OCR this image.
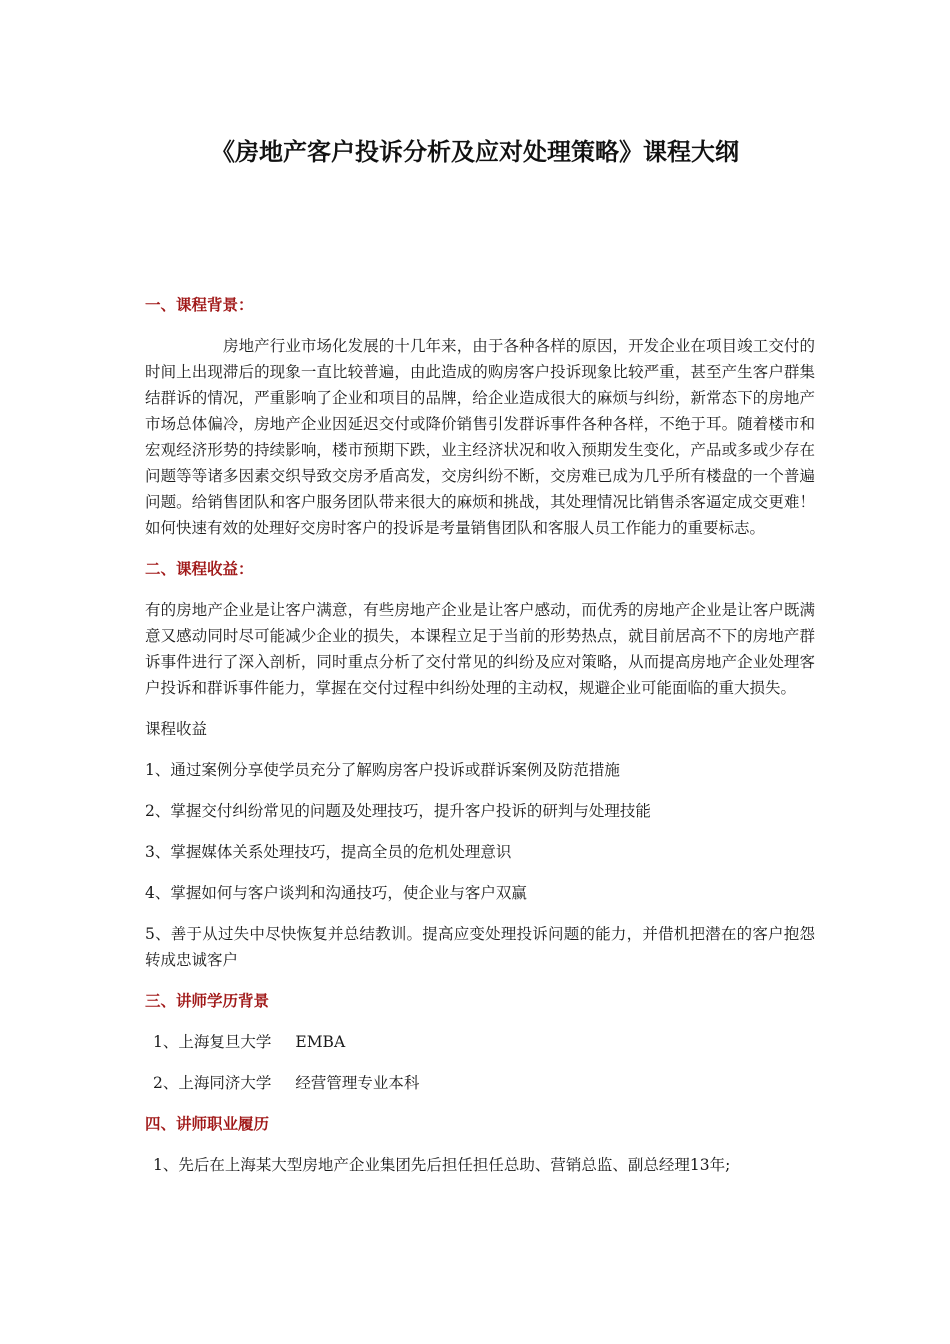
《房地产客户投诉分析及应对处理策略》课程大纲
一、课程背景：

房地产行业市场化发展的十几年来，由于各种各样的原因，开发企业在项目竣工交付的时间上出现滞后的现象一直比较普遍，由此造成的购房客户投诉现象比较严重，甚至产生客户群集结群诉的情况，严重影响了企业和项目的品牌，给企业造成很大的麻烦与纠纷，新常态下的房地产市场总体偏冷，房地产企业因延迟交付或降价销售引发群诉事件各种各样，不绝于耳。随着楼市和宏观经济形势的持续影响，楼市预期下跌，业主经济状况和收入预期发生变化，产品或多或少存在问题等等诸多因素交织导致交房矛盾高发，交房纠纷不断，交房难已成为几乎所有楼盘的一个普遍问题。给销售团队和客户服务团队带来很大的麻烦和挑战，其处理情况比销售杀客逼定成交更难！如何快速有效的处理好交房时客户的投诉是考量销售团队和客服人员工作能力的重要标志。

二、课程收益：

有的房地产企业是让客户满意，有些房地产企业是让客户感动，而优秀的房地产企业是让客户既满意又感动同时尽可能减少企业的损失，本课程立足于当前的形势热点，就目前居高不下的房地产群诉事件进行了深入剖析，同时重点分析了交付常见的纠纷及应对策略，从而提高房地产企业处理客户投诉和群诉事件能力，掌握在交付过程中纠纷处理的主动权，规避企业可能面临的重大损失。

课程收益
1、通过案例分享使学员充分了解购房客户投诉或群诉案例及防范措施
2、掌握交付纠纷常见的问题及处理技巧，提升客户投诉的研判与处理技能
3、掌握媒体关系处理技巧，提高全员的危机处理意识
4、掌握如何与客户谈判和沟通技巧，使企业与客户双赢
5、善于从过失中尽快恢复并总结教训。提高应变处理投诉问题的能力，并借机把潜在的客户抱怨转成忠诚客户
三、讲师学历背景
1、上海复旦大学 EMBA
2、上海同济大学 经营管理专业本科
四、讲师职业履历
1、先后在上海某大型房地产企业集团先后担任担任总助、营销总监、副总经理13年;
